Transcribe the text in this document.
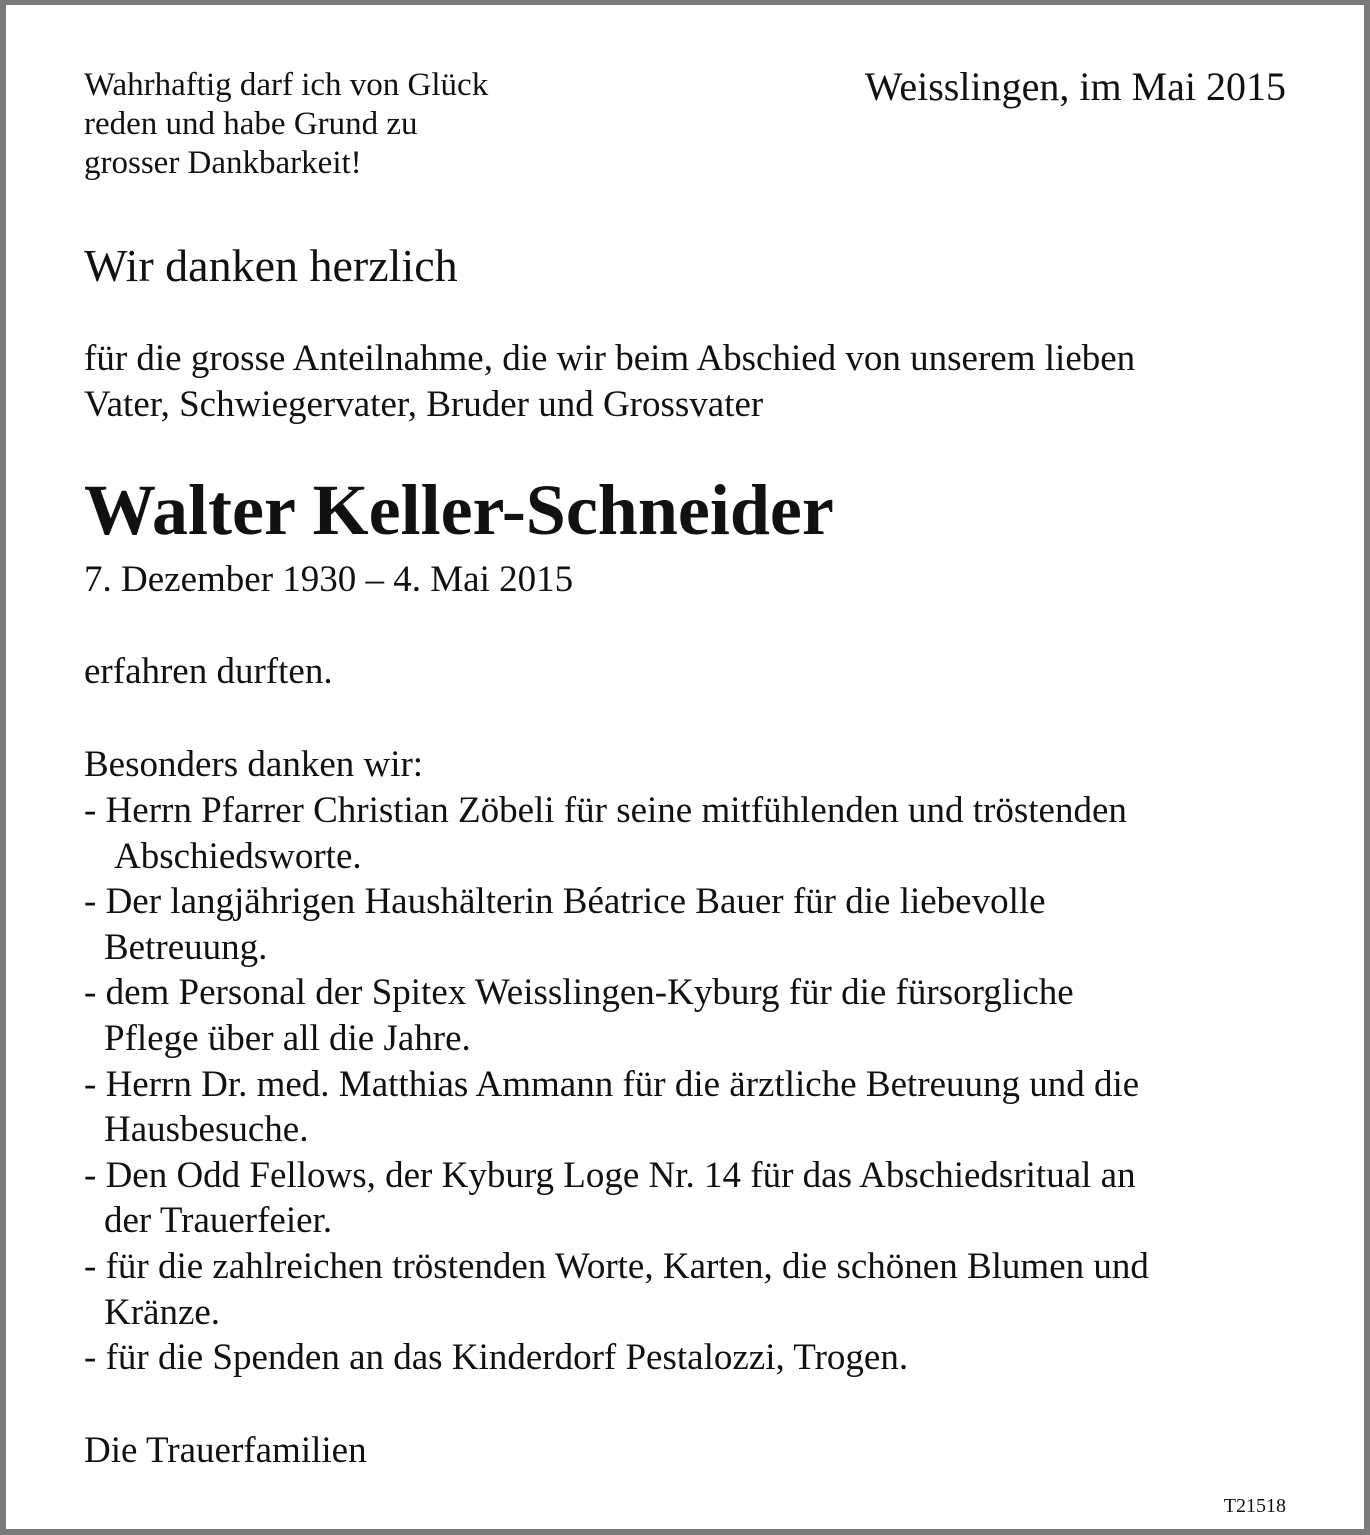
Wahrhaftig darf ich von Glück
reden und habe Grund zu
grosser Dankbarkeit!

Weisslingen, im Mai 2015

Wir danken herzlich
für die grosse Anteilnahme, die wir beim Abschied von unserem lieben
Vater, Schwiegervater, Bruder und Grossvater
Walter Keller-Schneider

7. Dezember 1930 – 4. Mai 2015

erfahren durften.

Besonders danken wir:

- Herrn Pfarrer Christian Zöbeli für seine mitfühlenden und tröstenden
Abschiedsworte.
- Der langjährigen Haushälterin Béatrice Bauer für die liebevolle
Betreuung.
- dem Personal der Spitex Weisslingen-Kyburg für die fürsorgliche
Pflege über all die Jahre.
- Herrn Dr. med. Matthias Ammann für die ärztliche Betreuung und die
Hausbesuche.
- Den Odd Fellows, der Kyburg Loge Nr. 14 für das Abschiedsritual an
der Trauerfeier.
- für die zahlreichen tröstenden Worte, Karten, die schönen Blumen und
Kränze.
- für die Spenden an das Kinderdorf Pestalozzi, Trogen.

Die Trauerfamilien

T21518
